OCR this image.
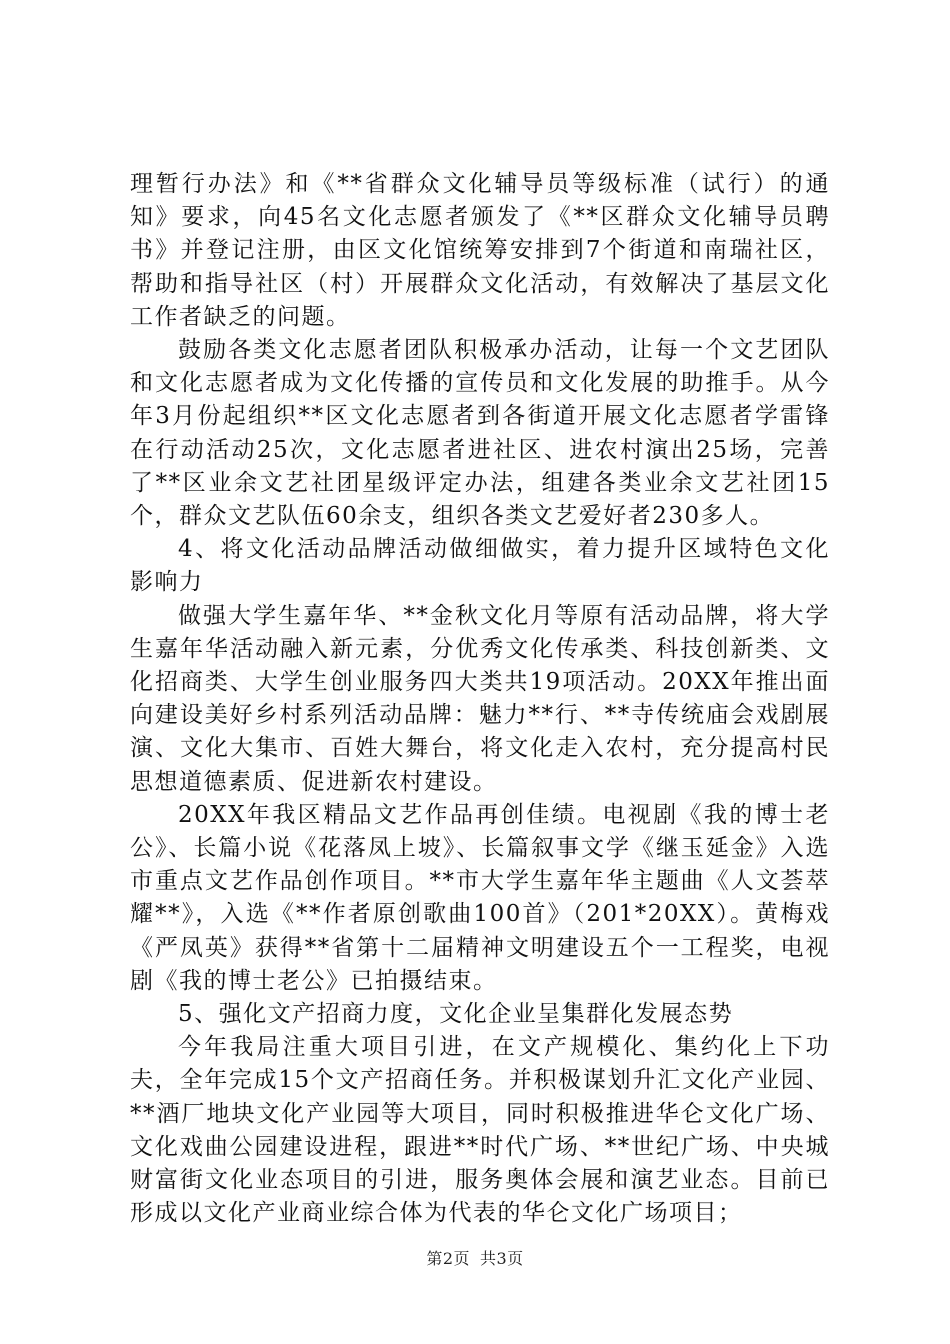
理暂行办法》和《**省群众文化辅导员等级标准（试行）的通知》要求，向45名文化志愿者颁发了《**区群众文化辅导员聘书》并登记注册，由区文化馆统筹安排到7个街道和南瑞社区，帮助和指导社区（村）开展群众文化活动，有效解决了基层文化工作者缺乏的问题。

鼓励各类文化志愿者团队积极承办活动，让每一个文艺团队和文化志愿者成为文化传播的宣传员和文化发展的助推手。从今年3月份起组织**区文化志愿者到各街道开展文化志愿者学雷锋在行动活动25次，文化志愿者进社区、进农村演出25场，完善了**区业余文艺社团星级评定办法，组建各类业余文艺社团15个，群众文艺队伍60余支，组织各类文艺爱好者230多人。

4、将文化活动品牌活动做细做实，着力提升区域特色文化影响力

做强大学生嘉年华、**金秋文化月等原有活动品牌，将大学生嘉年华活动融入新元素，分优秀文化传承类、科技创新类、文化招商类、大学生创业服务四大类共19项活动。20XX年推出面向建设美好乡村系列活动品牌：魅力**行、**寺传统庙会戏剧展演、文化大集市、百姓大舞台，将文化走入农村，充分提高村民思想道德素质、促进新农村建设。

20XX年我区精品文艺作品再创佳绩。电视剧《我的博士老公》、长篇小说《花落凤上坡》、长篇叙事文学《继玉延金》入选市重点文艺作品创作项目。**市大学生嘉年华主题曲《人文荟萃耀**》，入选《**作者原创歌曲100首》（201*20XX）。黄梅戏《严凤英》获得**省第十二届精神文明建设五个一工程奖，电视剧《我的博士老公》已拍摄结束。

5、强化文产招商力度，文化企业呈集群化发展态势

今年我局注重大项目引进，在文产规模化、集约化上下功夫，全年完成15个文产招商任务。并积极谋划升汇文化产业园、**酒厂地块文化产业园等大项目，同时积极推进华仑文化广场、文化戏曲公园建设进程，跟进**时代广场、**世纪广场、中央城财富街文化业态项目的引进，服务奥体会展和演艺业态。目前已形成以文化产业商业综合体为代表的华仑文化广场项目；

第2页 共3页
